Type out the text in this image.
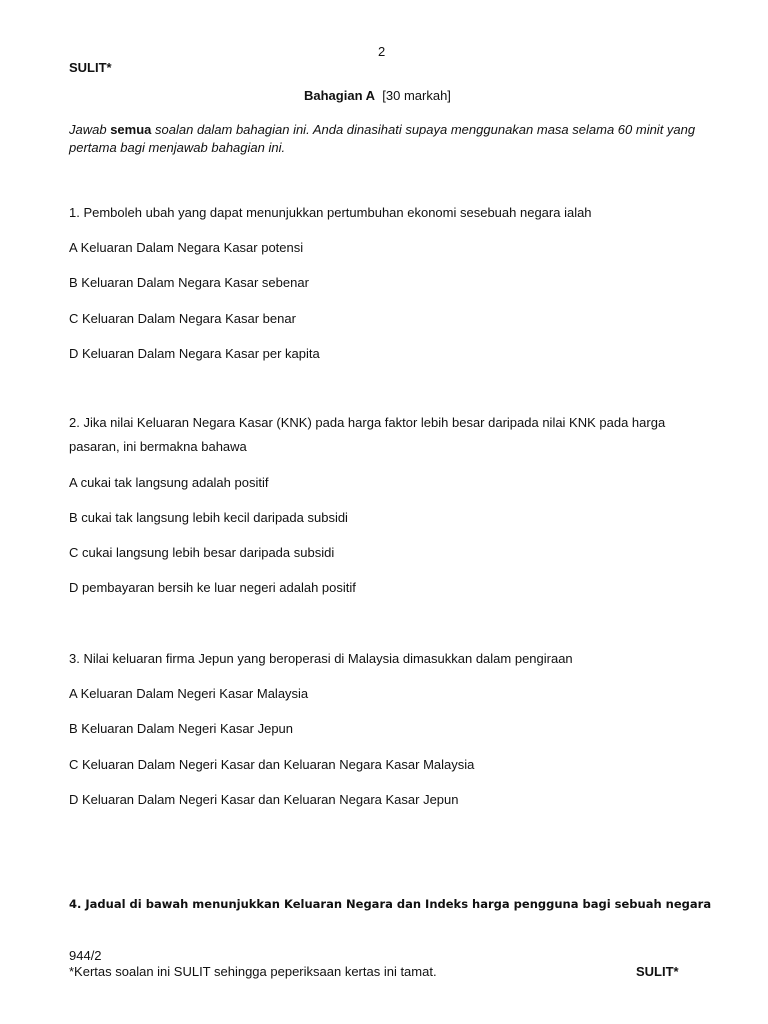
2
SULIT*
Bahagian A [30 markah]
Jawab semua soalan dalam bahagian ini. Anda dinasihati supaya menggunakan masa selama 60 minit yang pertama bagi menjawab bahagian ini.
1. Pemboleh ubah yang dapat menunjukkan pertumbuhan ekonomi sesebuah negara ialah
A Keluaran Dalam Negara Kasar potensi
B Keluaran Dalam Negara Kasar sebenar
C Keluaran Dalam Negara Kasar benar
D Keluaran Dalam Negara Kasar per kapita
2. Jika nilai Keluaran Negara Kasar (KNK) pada harga faktor lebih besar daripada nilai KNK pada harga pasaran, ini bermakna bahawa
A cukai tak langsung adalah positif
B cukai tak langsung lebih kecil daripada subsidi
C cukai langsung lebih besar daripada subsidi
D pembayaran bersih ke luar negeri adalah positif
3. Nilai keluaran firma Jepun yang beroperasi di Malaysia dimasukkan dalam pengiraan
A Keluaran Dalam Negeri Kasar Malaysia
B Keluaran Dalam Negeri Kasar Jepun
C Keluaran Dalam Negeri Kasar dan Keluaran Negara Kasar Malaysia
D Keluaran Dalam Negeri Kasar dan Keluaran Negara Kasar Jepun
4. Jadual di bawah menunjukkan Keluaran Negara dan Indeks harga pengguna bagi sebuah negara
944/2
*Kertas soalan ini SULIT sehingga peperiksaan kertas ini tamat.	SULIT*
